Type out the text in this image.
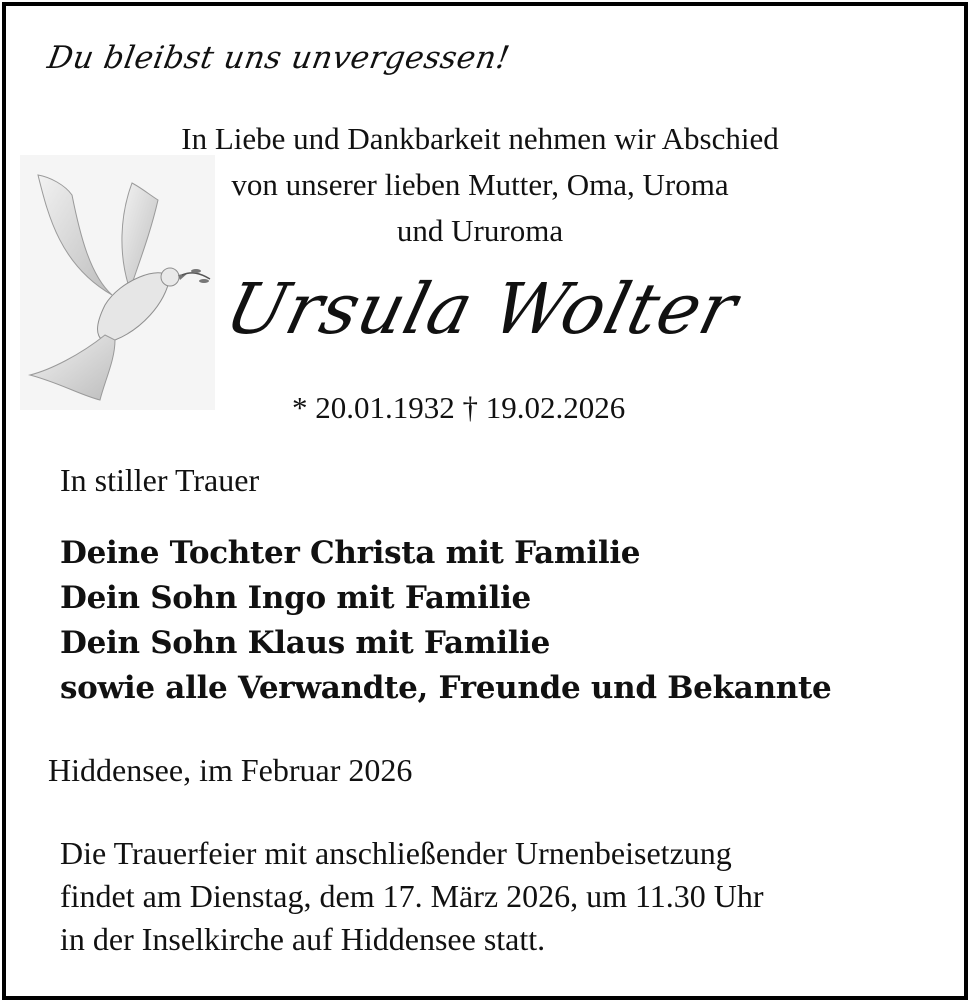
Du bleibst uns unvergessen!
In Liebe und Dankbarkeit nehmen wir Abschied
von unserer lieben Mutter, Oma, Uroma
und Ururoma
Ursula Wolter
* 20.01.1932 † 19.02.2026
In stiller Trauer
Deine Tochter Christa mit Familie
Dein Sohn Ingo mit Familie
Dein Sohn Klaus mit Familie
sowie alle Verwandte, Freunde und Bekannte
Hiddensee, im Februar 2026
Die Trauerfeier mit anschließender Urnenbeisetzung
findet am Dienstag, dem 17. März 2026, um 11.30 Uhr
in der Inselkirche auf Hiddensee statt.
